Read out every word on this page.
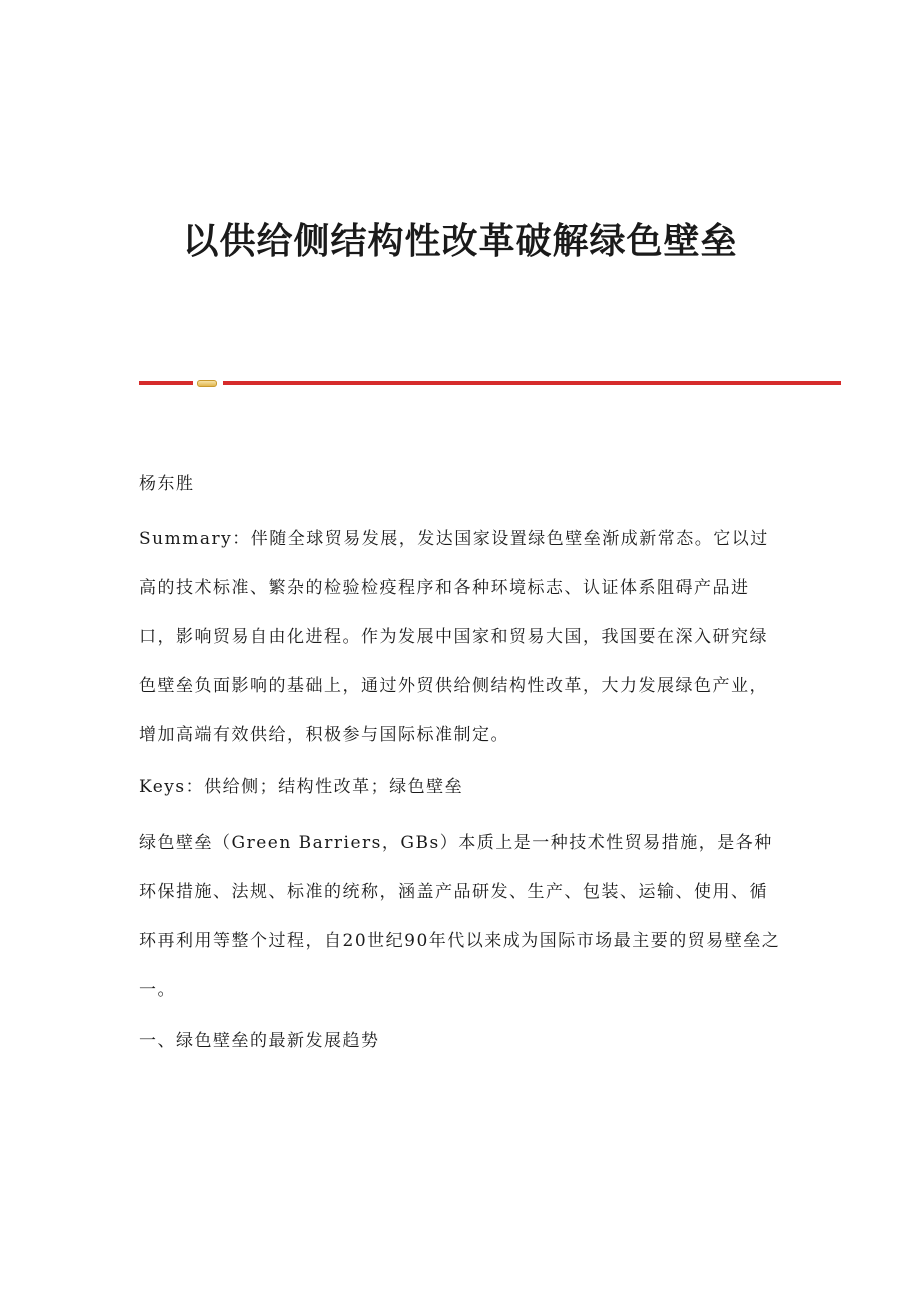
以供给侧结构性改革破解绿色壁垒

杨东胜

Summary：伴随全球贸易发展，发达国家设置绿色壁垒渐成新常态。它以过高的技术标准、繁杂的检验检疫程序和各种环境标志、认证体系阻碍产品进口，影响贸易自由化进程。作为发展中国家和贸易大国，我国要在深入研究绿色壁垒负面影响的基础上，通过外贸供给侧结构性改革，大力发展绿色产业，增加高端有效供给，积极参与国际标准制定。

Keys：供给侧；结构性改革；绿色壁垒

绿色壁垒（Green Barriers，GBs）本质上是一种技术性贸易措施，是各种环保措施、法规、标准的统称，涵盖产品研发、生产、包装、运输、使用、循环再利用等整个过程，自20世纪90年代以来成为国际市场最主要的贸易壁垒之一。

一、绿色壁垒的最新发展趋势
